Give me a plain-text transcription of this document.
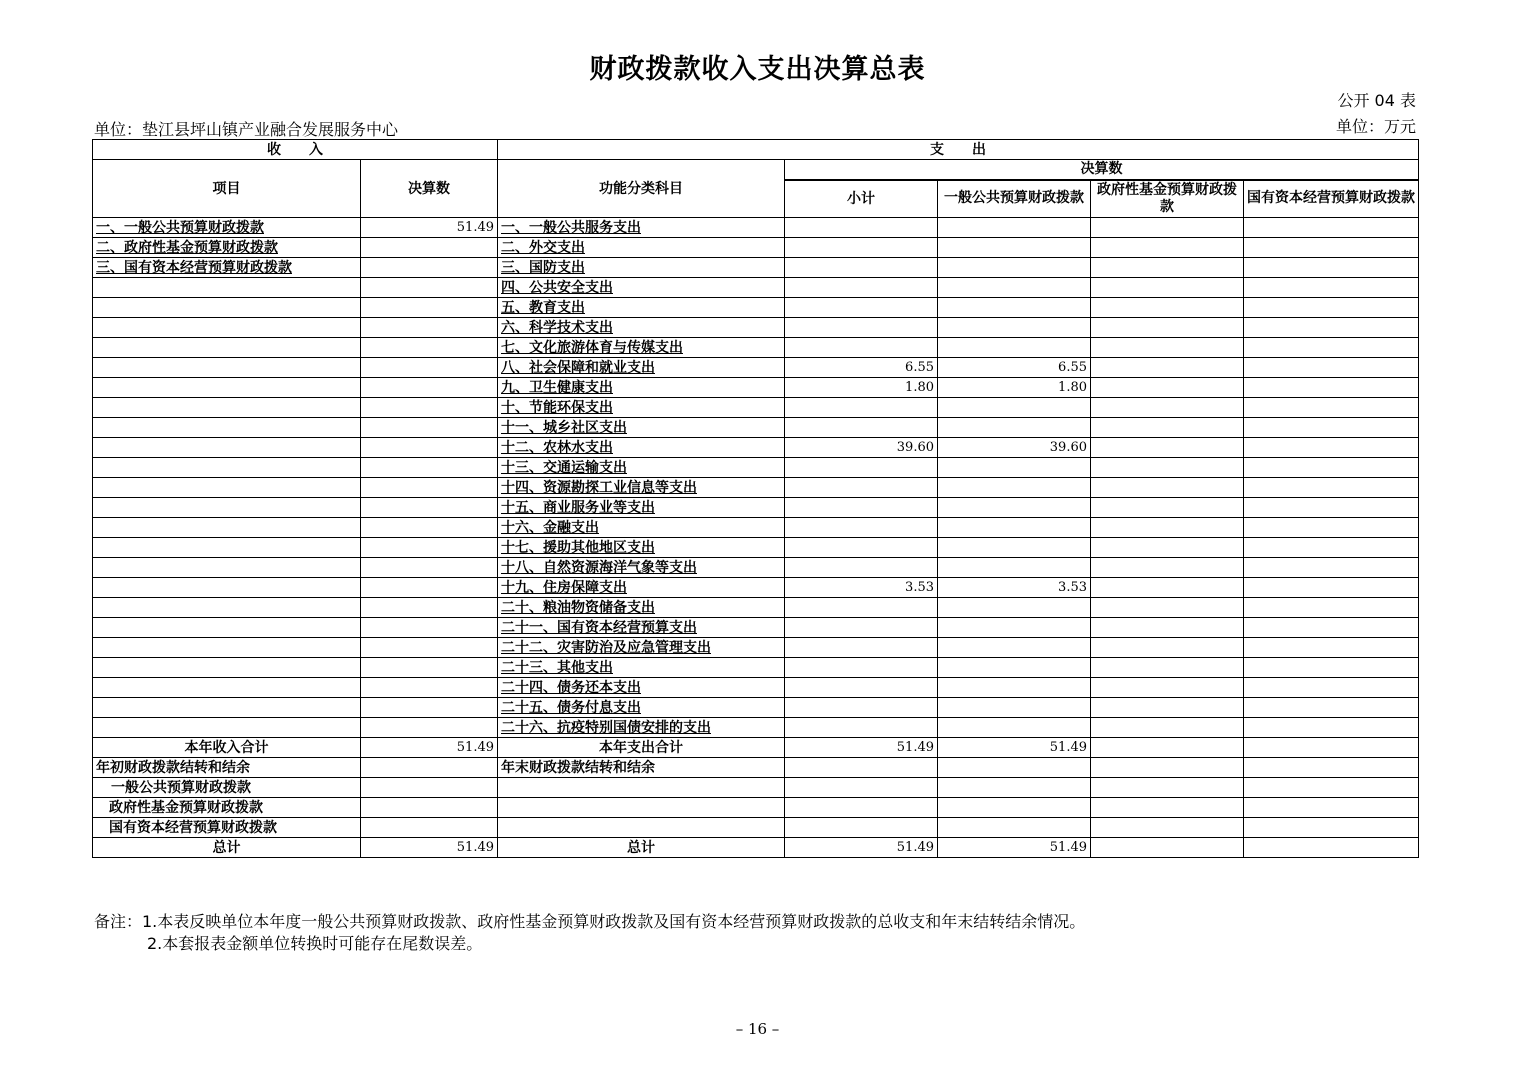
财政拨款收入支出决算总表
公开 04 表
单位：垫江县坪山镇产业融合发展服务中心	单位：万元
收　　入		支　　出				
项目	决算数	功能分类科目	决算数			
			小计	一般公共预算财政拨款	政府性基金预算财政拨款	国有资本经营预算财政拨款

一、一般公共预算财政拨款	51.49	一、一般公共服务支出				
二、政府性基金预算财政拨款		二、外交支出				
三、国有资本经营预算财政拨款		三、国防支出				
		四、公共安全支出				
		五、教育支出				
		六、科学技术支出				
		七、文化旅游体育与传媒支出				
		八、社会保障和就业支出	6.55	6.55		
		九、卫生健康支出	1.80	1.80		
		十、节能环保支出				
		十一、城乡社区支出				
		十二、农林水支出	39.60	39.60		
		十三、交通运输支出				
		十四、资源勘探工业信息等支出				
		十五、商业服务业等支出				
		十六、金融支出				
		十七、援助其他地区支出				
		十八、自然资源海洋气象等支出				
		十九、住房保障支出	3.53	3.53		
		二十、粮油物资储备支出				
		二十一、国有资本经营预算支出				
		二十二、灾害防治及应急管理支出				
		二十三、其他支出				
		二十四、债务还本支出				
		二十五、债务付息支出				
		二十六、抗疫特别国债安排的支出				
本年收入合计	51.49	本年支出合计	51.49	51.49		
年初财政拨款结转和结余		年末财政拨款结转和结余				
一般公共预算财政拨款						
政府性基金预算财政拨款						
国有资本经营预算财政拨款						
总计	51.49	总计	51.49	51.49		
备注：1.本表反映单位本年度一般公共预算财政拨款、政府性基金预算财政拨款及国有资本经营预算财政拨款的总收支和年末结转结余情况。
2.本套报表金额单位转换时可能存在尾数误差。
– 16 –
